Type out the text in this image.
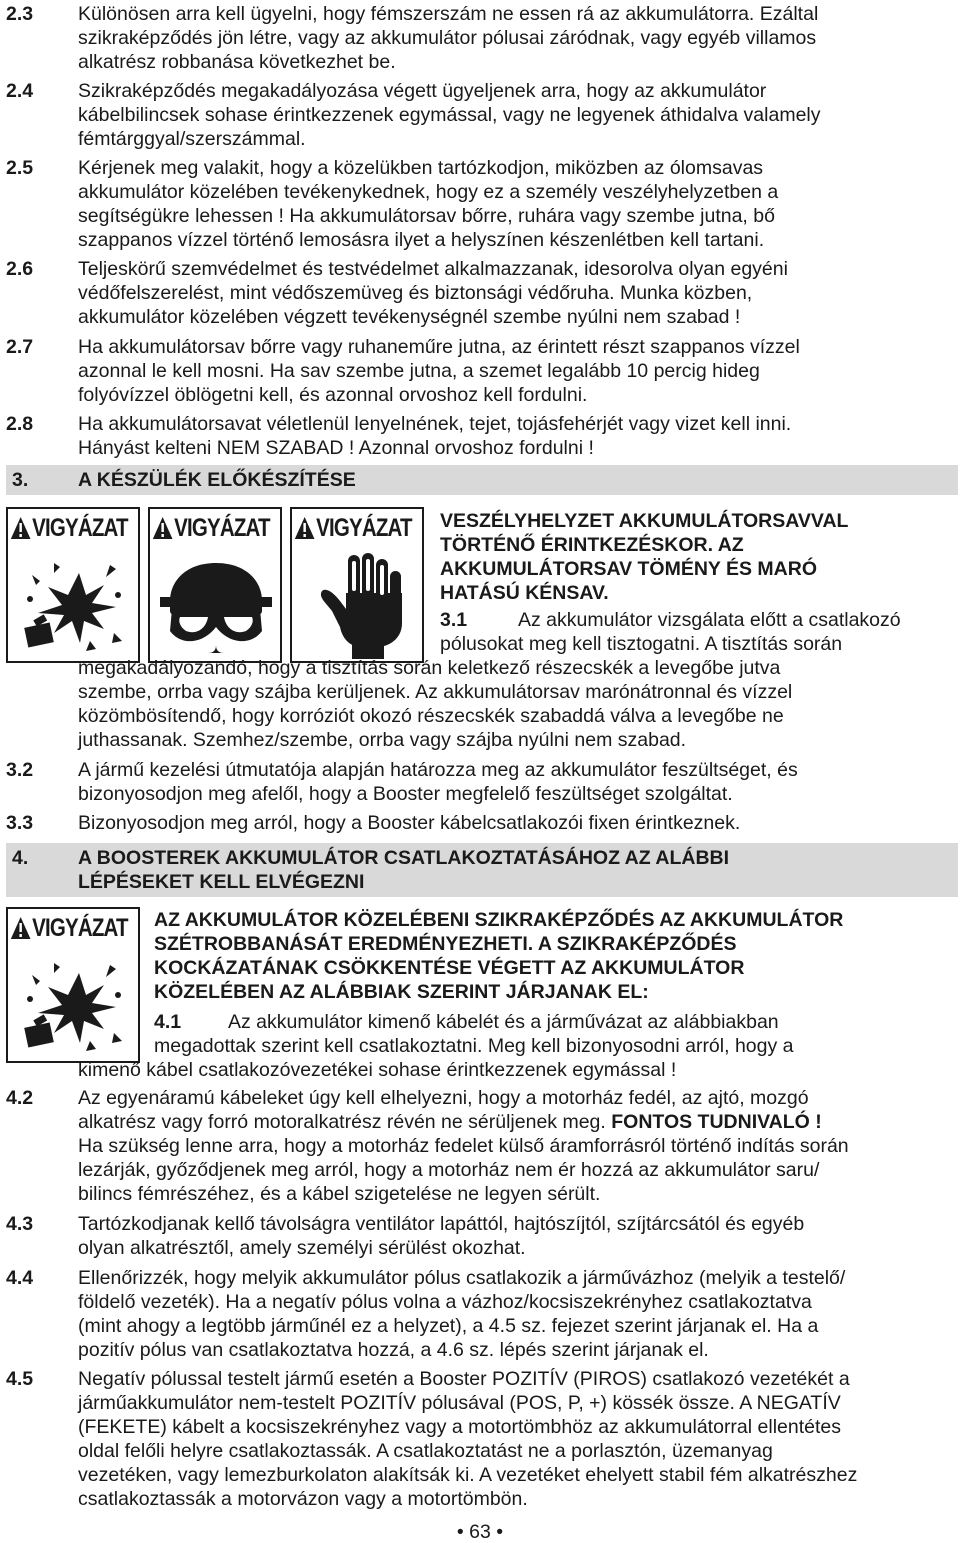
2.3 Különösen arra kell ügyelni, hogy fémszerszám ne essen rá az akkumulátorra. Ezáltal
szikraképződés jön létre, vagy az akkumulátor pólusai záródnak, vagy egyéb villamos
alkatrész robbanása következhet be.
2.4 Szikraképződés megakadályozása végett ügyeljenek arra, hogy az akkumulátor
kábelbilincsek sohase érintkezzenek egymással, vagy ne legyenek áthidalva valamely
fémtárggyal/szerszámmal.
2.5 Kérjenek meg valakit, hogy a közelükben tartózkodjon, miközben az ólomsavas
akkumulátor közelében tevékenykednek, hogy ez a személy veszélyhelyzetben a
segítségükre lehessen ! Ha akkumulátorsav bőrre, ruhára vagy szembe jutna, bő
szappanos vízzel történő lemosásra ilyet a helyszínen készenlétben kell tartani.
2.6 Teljeskörű szemvédelmet és testvédelmet alkalmazzanak, idesorolva olyan egyéni
védőfelszerelést, mint védőszemüveg és biztonsági védőruha. Munka közben,
akkumulátor közelében végzett tevékenységnél szembe nyúlni nem szabad !
2.7 Ha akkumulátorsav bőrre vagy ruhaneműre jutna, az érintett részt szappanos vízzel
azonnal le kell mosni. Ha sav szembe jutna, a szemet legalább 10 percig hideg
folyóvízzel öblögetni kell, és azonnal orvoshoz kell fordulni.
2.8 Ha akkumulátorsavat véletlenül lenyelnének, tejet, tojásfehérjét vagy vizet kell inni.
Hányást kelteni NEM SZABAD ! Azonnal orvoshoz fordulni !
3.	A KÉSZÜLÉK ELŐKÉSZÍTÉSE
VIGYÁZAT	VIGYÁZAT	VIGYÁZAT VESZÉLYHELYZET AKKUMULÁTORSAVVAL
TÖRTÉNŐ ÉRINTKEZÉSKOR. AZ
AKKUMULÁTORSAV TÖMÉNY ÉS MARÓ
HATÁSÚ KÉNSAV.
3.1	Az akkumulátor vizsgálata előtt a csatlakozó
pólusokat meg kell tisztogatni. A tisztítás során
megakadályozandó, hogy a tisztítás során keletkező részecskék a levegőbe jutva
szembe, orrba vagy szájba kerüljenek. Az akkumulátorsav marónátronnal és vízzel
közömbösítendő, hogy korróziót okozó részecskék szabaddá válva a levegőbe ne
juthassanak. Szemhez/szembe, orrba vagy szájba nyúlni nem szabad.
3.2 A jármű kezelési útmutatója alapján határozza meg az akkumulátor feszültséget, és
bizonyosodjon meg afelől, hogy a Booster megfelelő feszültséget szolgáltat.
3.3 Bizonyosodjon meg arról, hogy a Booster kábelcsatlakozói fixen érintkeznek.
4.	A BOOSTEREK AKKUMULÁTOR CSATLAKOZTATÁSÁHOZ AZ ALÁBBI
LÉPÉSEKET KELL ELVÉGEZNI
VIGYÁZAT AZ AKKUMULÁTOR KÖZELÉBENI SZIKRAKÉPZŐDÉS AZ AKKUMULÁTOR
SZÉTROBBANÁSÁT EREDMÉNYEZHETI. A SZIKRAKÉPZŐDÉS
KOCKÁZATÁNAK CSÖKKENTÉSE VÉGETT AZ AKKUMULÁTOR
KÖZELÉBEN AZ ALÁBBIAK SZERINT JÁRJANAK EL:
4.1 Az akkumulátor kimenő kábelét és a járművázat az alábbiakban
megadottak szerint kell csatlakoztatni. Meg kell bizonyosodni arról, hogy a
kimenő kábel csatlakozóvezetékei sohase érintkezzenek egymással !
4.2 Az egyenáramú kábeleket úgy kell elhelyezni, hogy a motorház fedél, az ajtó, mozgó
alkatrész vagy forró motoralkatrész révén ne sérüljenek meg. FONTOS TUDNIVALÓ !
Ha szükség lenne arra, hogy a motorház fedelet külső áramforrásról történő indítás során
lezárják, győződjenek meg arról, hogy a motorház nem ér hozzá az akkumulátor saru/
bilincs fémrészéhez, és a kábel szigetelése ne legyen sérült.
4.3 Tartózkodjanak kellő távolságra ventilátor lapáttól, hajtószíjtól, szíjtárcsától és egyéb
olyan alkatrésztől, amely személyi sérülést okozhat.
4.4 Ellenőrizzék, hogy melyik akkumulátor pólus csatlakozik a járművázhoz (melyik a testelő/
földelő vezeték). Ha a negatív pólus volna a vázhoz/kocsiszekrényhez csatlakoztatva
(mint ahogy a legtöbb járműnél ez a helyzet), a 4.5 sz. fejezet szerint járjanak el. Ha a
pozitív pólus van csatlakoztatva hozzá, a 4.6 sz. lépés szerint járjanak el.
4.5 Negatív pólussal testelt jármű esetén a Booster POZITÍV (PIROS) csatlakozó vezetékét a
járműakkumulátor nem-testelt POZITÍV pólusával (POS, P, +) kössék össze. A NEGATÍV
(FEKETE) kábelt a kocsiszekrényhez vagy a motortömbhöz az akkumulátorral ellentétes
oldal felőli helyre csatlakoztassák. A csatlakoztatást ne a porlasztón, üzemanyag
vezetéken, vagy lemezburkolaton alakítsák ki. A vezetéket ehelyett stabil fém alkatrészhez
csatlakoztassák a motorvázon vagy a motortömbön.
• 63 •
